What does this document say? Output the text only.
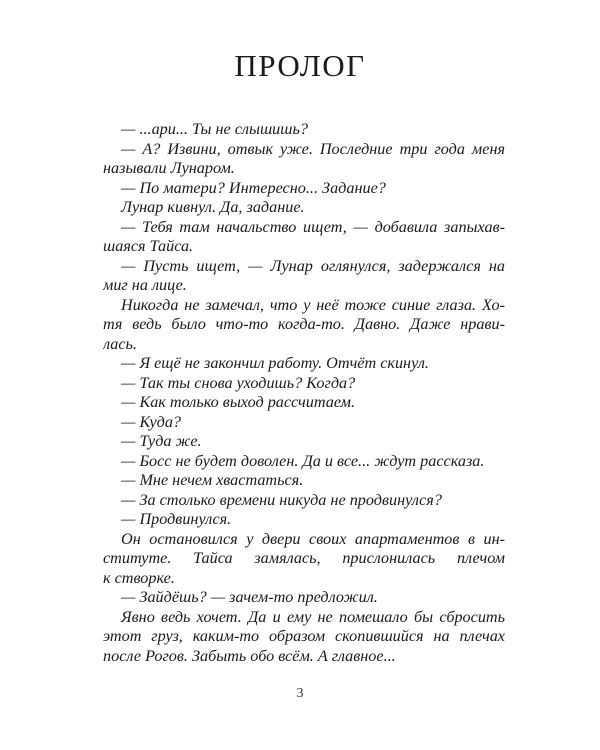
ПРОЛОГ
— ...ари... Ты не слышишь?
— А? Извини, отвык уже. Последние три года меня
называли Лунаром.
— По матери? Интересно... Задание?
Лунар кивнул. Да, задание.
— Тебя там начальство ищет, — добавила запыхав-
шаяся Тайса.
— Пусть ищет, — Лунар оглянулся, задержался на
миг на лице.
Никогда не замечал, что у неё тоже синие глаза. Хо-
тя ведь было что-то когда-то. Давно. Даже нрави-
лась.
— Я ещё не закончил работу. Отчёт скинул.
— Так ты снова уходишь? Когда?
— Как только выход рассчитаем.
— Куда?
— Туда же.
— Босс не будет доволен. Да и все... ждут рассказа.
— Мне нечем хвастаться.
— За столько времени никуда не продвинулся?
— Продвинулся.
Он остановился у двери своих апартаментов в ин-
ституте. Тайса замялась, прислонилась плечом
к створке.
— Зайдёшь? — зачем-то предложил.
Явно ведь хочет. Да и ему не помешало бы сбросить
этот груз, каким-то образом скопившийся на плечах
после Рогов. Забыть обо всём. А главное...
3
